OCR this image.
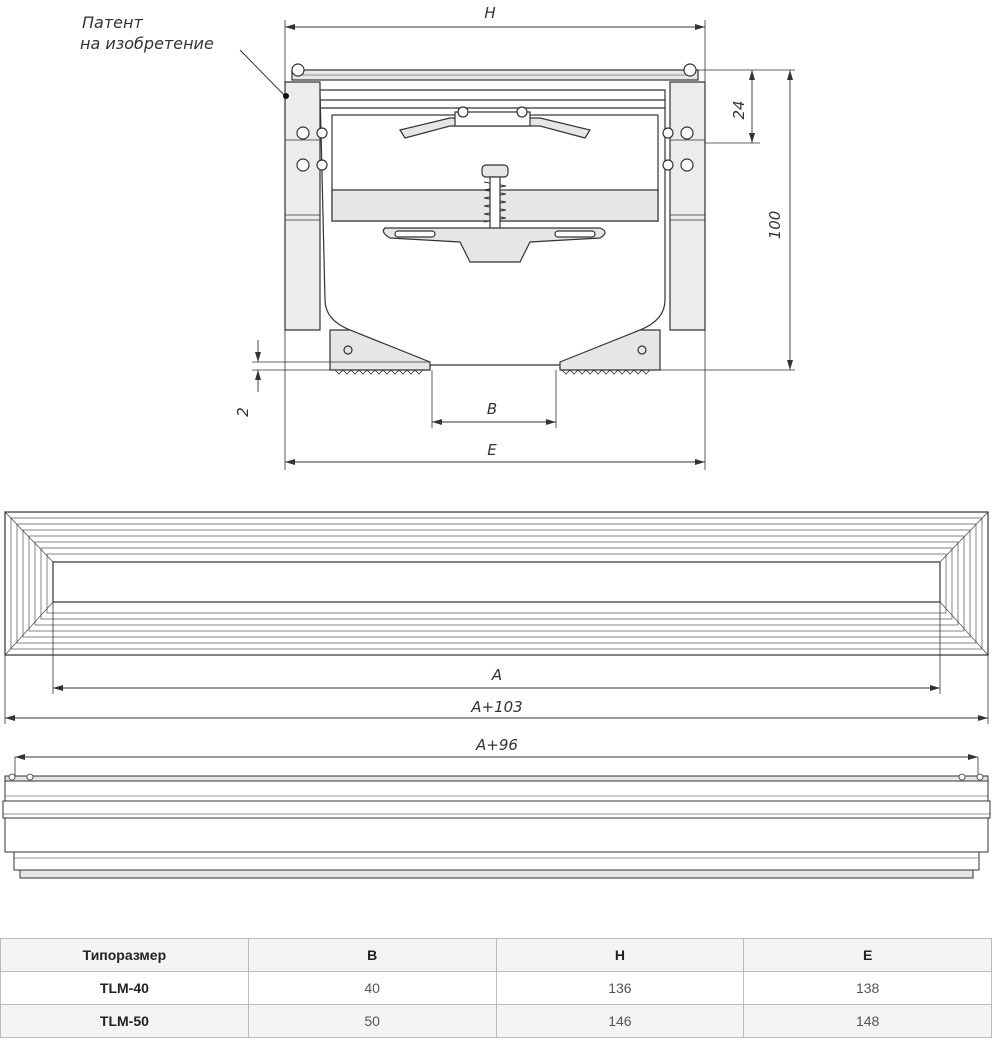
Патент
на изобретение
H
24
100
2	B
E
A
A+103
A+96
Типоразмер	B	H	E
TLM-40	40	136	138
TLM-50	50	146	148
